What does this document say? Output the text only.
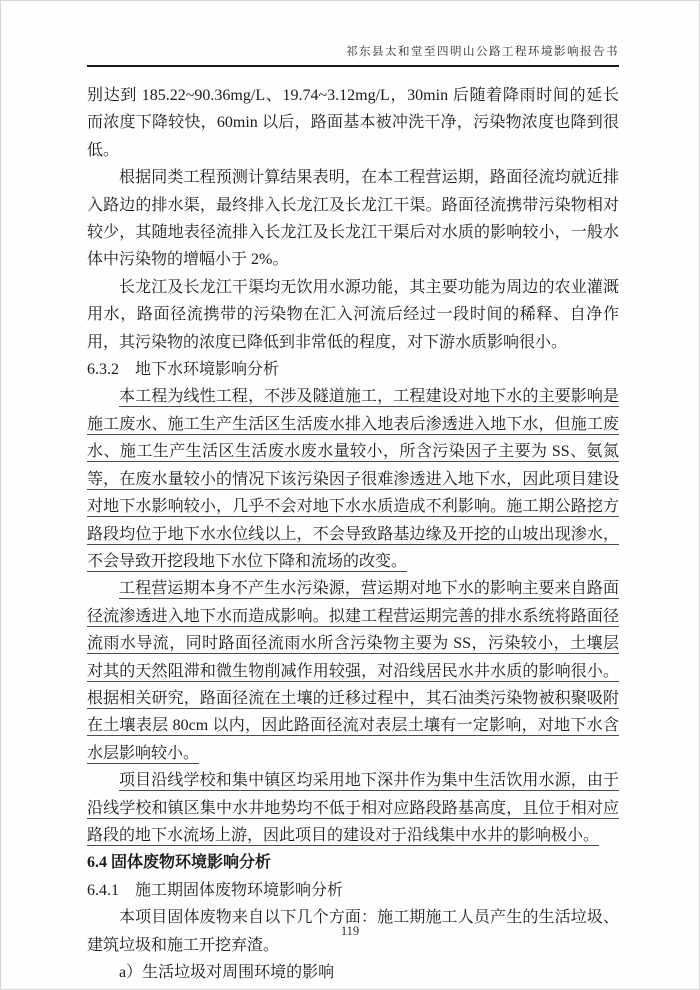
祁东县太和堂至四明山公路工程环境影响报告书

别达到 185.22~90.36mg/L、19.74~3.12mg/L，30min 后随着降雨时间的延长而浓度下降较快，60min 以后，路面基本被冲洗干净，污染物浓度也降到很低。

根据同类工程预测计算结果表明，在本工程营运期，路面径流均就近排入路边的排水渠，最终排入长龙江及长龙江干渠。路面径流携带污染物相对较少，其随地表径流排入长龙江及长龙江干渠后对水质的影响较小，一般水体中污染物的增幅小于 2%。

长龙江及长龙江干渠均无饮用水源功能，其主要功能为周边的农业灌溉用水，路面径流携带的污染物在汇入河流后经过一段时间的稀释、自净作用，其污染物的浓度已降低到非常低的程度，对下游水质影响很小。

6.3.2　地下水环境影响分析

本工程为线性工程，不涉及隧道施工，工程建设对地下水的主要影响是施工废水、施工生产生活区生活废水排入地表后渗透进入地下水，但施工废水、施工生产生活区生活废水废水量较小，所含污染因子主要为 SS、氨氮等，在废水量较小的情况下该污染因子很难渗透进入地下水，因此项目建设对地下水影响较小，几乎不会对地下水水质造成不利影响。施工期公路挖方路段均位于地下水水位线以上，不会导致路基边缘及开挖的山坡出现渗水，不会导致开挖段地下水位下降和流场的改变。

工程营运期本身不产生水污染源，营运期对地下水的影响主要来自路面径流渗透进入地下水而造成影响。拟建工程营运期完善的排水系统将路面径流雨水导流，同时路面径流雨水所含污染物主要为 SS，污染较小，土壤层对其的天然阻滞和微生物削减作用较强，对沿线居民水井水质的影响很小。根据相关研究，路面径流在土壤的迁移过程中，其石油类污染物被积聚吸附在土壤表层 80cm 以内，因此路面径流对表层土壤有一定影响，对地下水含水层影响较小。

项目沿线学校和集中镇区均采用地下深井作为集中生活饮用水源，由于沿线学校和镇区集中水井地势均不低于相对应路段路基高度，且位于相对应路段的地下水流场上游，因此项目的建设对于沿线集中水井的影响极小。

6.4 固体废物环境影响分析

6.4.1　施工期固体废物环境影响分析

本项目固体废物来自以下几个方面：施工期施工人员产生的生活垃圾、建筑垃圾和施工开挖弃渣。

a）生活垃圾对周围环境的影响

119
